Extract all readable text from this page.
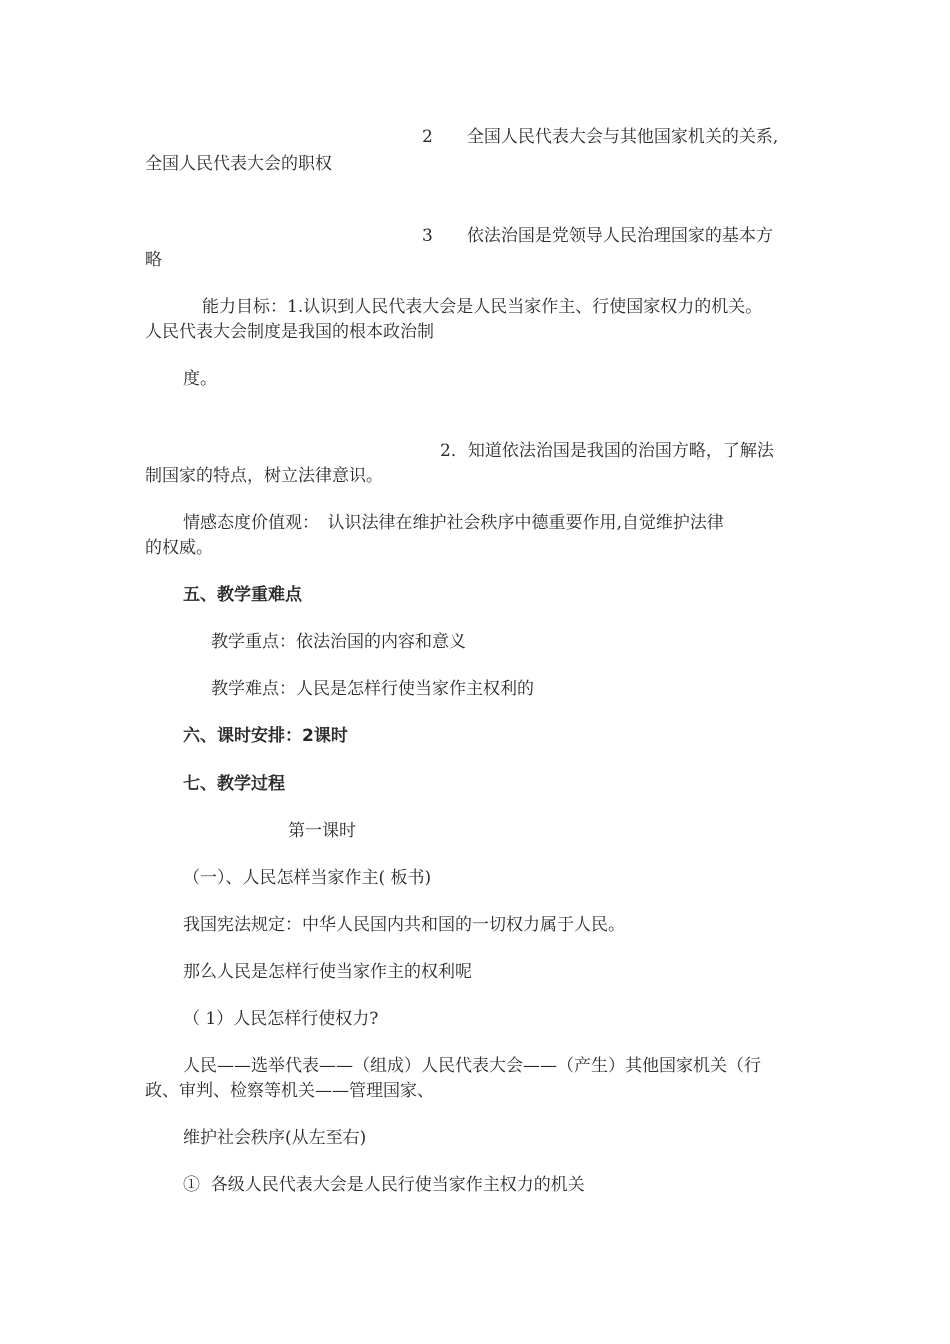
2　　全国人民代表大会与其他国家机关的关系,

全国人民代表大会的职权

3　　依法治国是党领导人民治理国家的基本方

略

能力目标：1.认识到人民代表大会是人民当家作主、行使国家权力的机关。

人民代表大会制度是我国的根本政治制

度。

2．知道依法治国是我国的治国方略，了解法

制国家的特点，树立法律意识。

情感态度价值观：　认识法律在维护社会秩序中德重要作用,自觉维护法律

的权威。

五、教学重难点

教学重点：依法治国的内容和意义

教学难点：人民是怎样行使当家作主权利的

六、课时安排：2课时

七、教学过程

第一课时

（一）、人民怎样当家作主( 板书)

我国宪法规定：中华人民国内共和国的一切权力属于人民。

那么人民是怎样行使当家作主的权利呢

（ 1）人民怎样行使权力?

人民——选举代表——（组成）人民代表大会——（产生）其他国家机关（行

政、审判、检察等机关——管理国家、

维护社会秩序(从左至右)

①  各级人民代表大会是人民行使当家作主权力的机关
